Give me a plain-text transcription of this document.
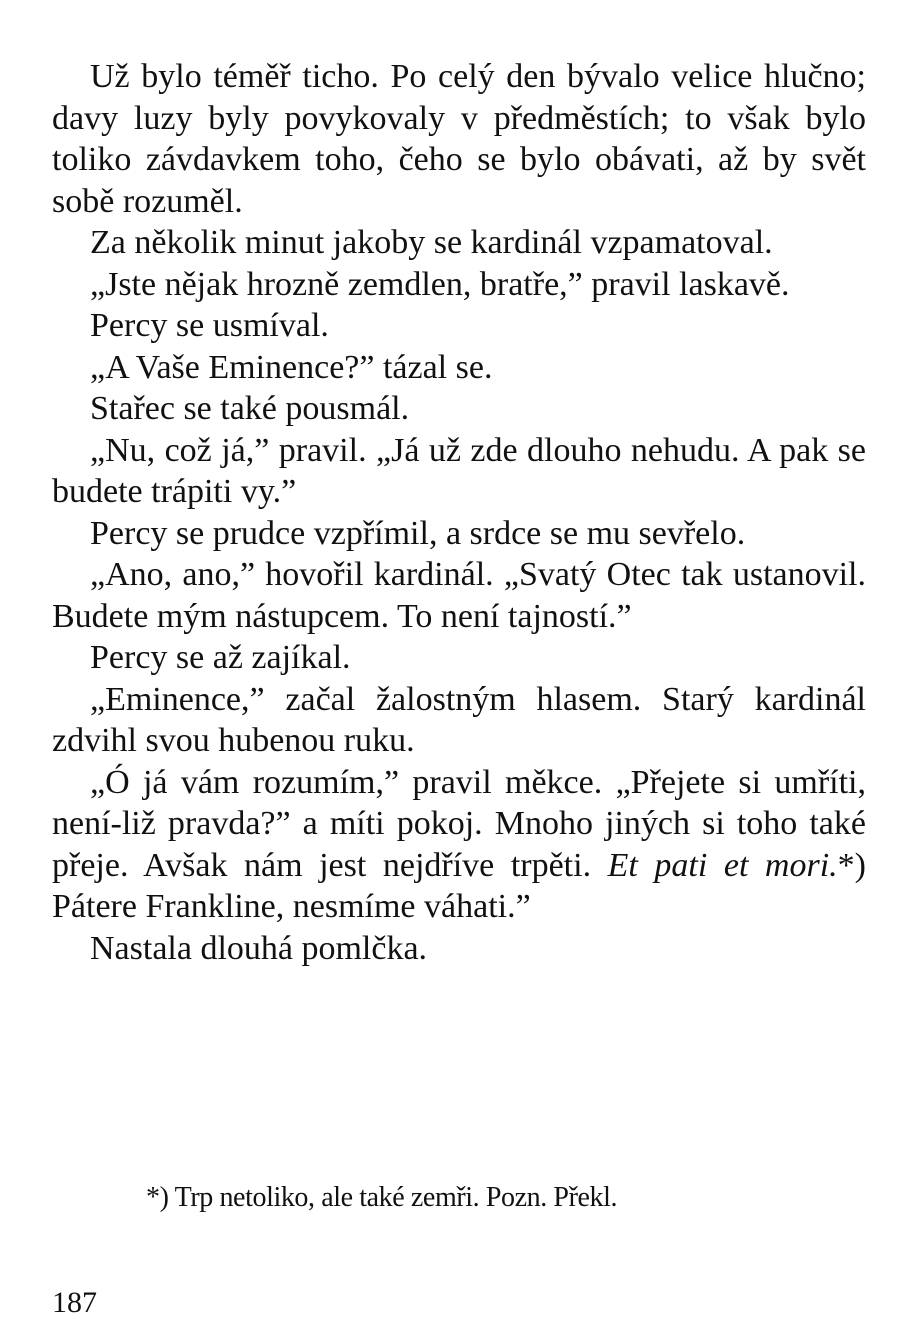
Už bylo téměř ticho. Po celý den bývalo velice hlučno; davy luzy byly povykovaly v předměstích; to však bylo toliko závdavkem toho, čeho se bylo obávati, až by svět sobě rozuměl.

Za několik minut jakoby se kardinál vzpamatoval.

„Jste nějak hrozně zemdlen, bratře,” pravil laskavě.

Percy se usmíval.

„A Vaše Eminence?” tázal se.

Stařec se také pousmál.

„Nu, což já,” pravil. „Já už zde dlouho nehudu. A pak se budete trápiti vy.”

Percy se prudce vzpřímil, a srdce se mu sevřelo.

„Ano, ano,” hovořil kardinál. „Svatý Otec tak ustanovil. Budete mým nástupcem. To není tajností.”

Percy se až zajíkal.

„Eminence,” začal žalostným hlasem. Starý kardinál zdvihl svou hubenou ruku.

„Ó já vám rozumím,” pravil měkce. „Přejete si umříti, není-liž pravda?” a míti pokoj. Mnoho jiných si toho také přeje. Avšak nám jest nejdříve trpěti. Et pati et mori.*) Pátere Frankline, nesmíme váhati.”

Nastala dlouhá pomlčka.

*) Trp netoliko, ale také zemři. Pozn. Překl.

187
